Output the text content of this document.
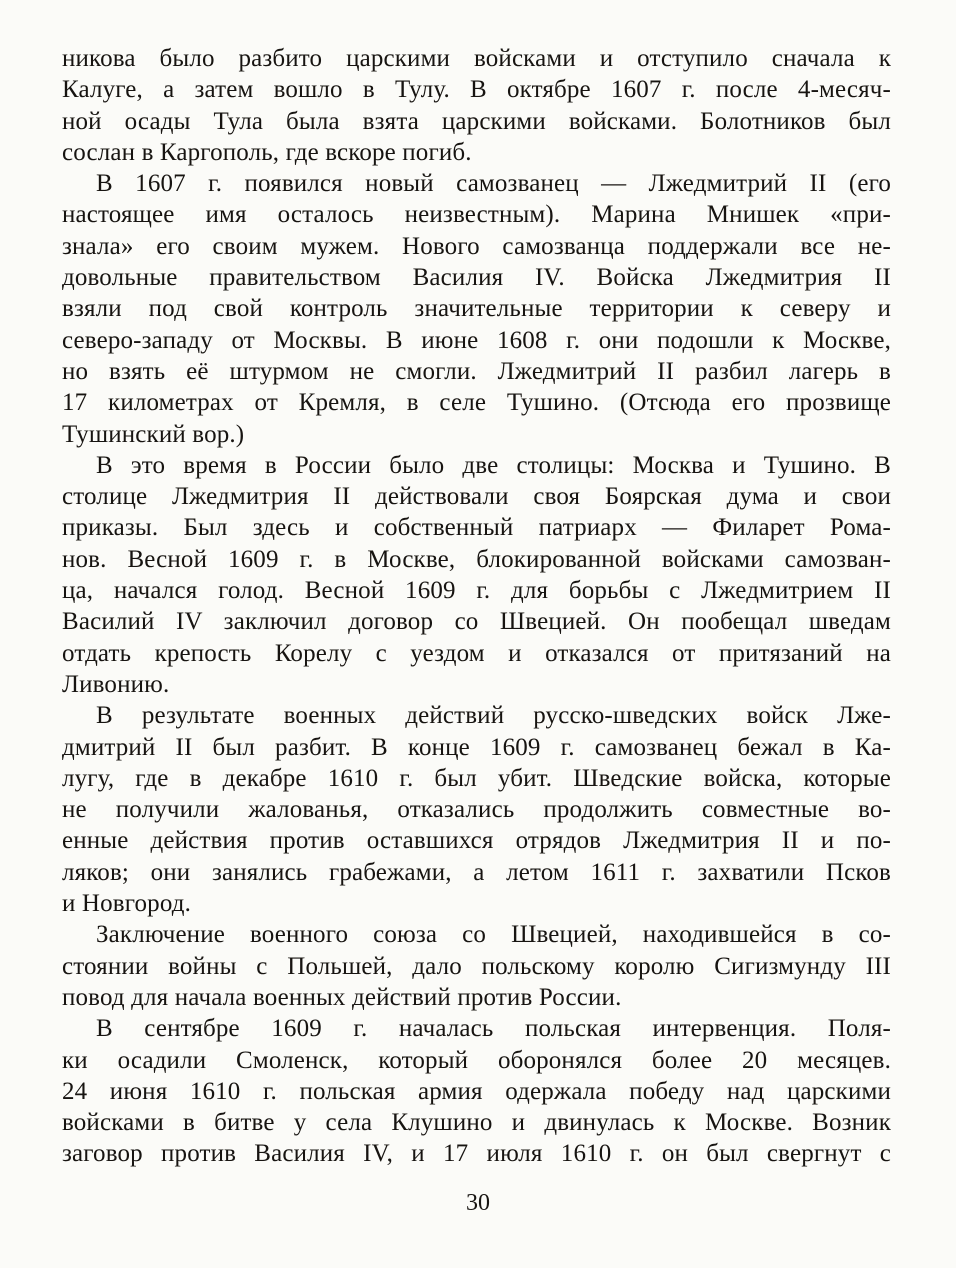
никова было разбито царскими войсками и отступило сначала к
Калуге, а затем вошло в Тулу. В октябре 1607 г. после 4-месяч-
ной осады Тула была взята царскими войсками. Болотников был
сослан в Каргополь, где вскоре погиб.
В 1607 г. появился новый самозванец — Лжедмитрий II (его
настоящее имя осталось неизвестным). Марина Мнишек «при-
знала» его своим мужем. Нового самозванца поддержали все не-
довольные правительством Василия IV. Войска Лжедмитрия II
взяли под свой контроль значительные территории к северу и
северо-западу от Москвы. В июне 1608 г. они подошли к Москве,
но взять её штурмом не смогли. Лжедмитрий II разбил лагерь в
17 километрах от Кремля, в селе Тушино. (Отсюда его прозвище
Тушинский вор.)
В это время в России было две столицы: Москва и Тушино. В
столице Лжедмитрия II действовали своя Боярская дума и свои
приказы. Был здесь и собственный патриарх — Филарет Рома-
нов. Весной 1609 г. в Москве, блокированной войсками самозван-
ца, начался голод. Весной 1609 г. для борьбы с Лжедмитрием II
Василий IV заключил договор со Швецией. Он пообещал шведам
отдать крепость Корелу с уездом и отказался от притязаний на
Ливонию.
В результате военных действий русско-шведских войск Лже-
дмитрий II был разбит. В конце 1609 г. самозванец бежал в Ка-
лугу, где в декабре 1610 г. был убит. Шведские войска, которые
не получили жалованья, отказались продолжить совместные во-
енные действия против оставшихся отрядов Лжедмитрия II и по-
ляков; они занялись грабежами, а летом 1611 г. захватили Псков
и Новгород.
Заключение военного союза со Швецией, находившейся в со-
стоянии войны с Польшей, дало польскому королю Сигизмунду III
повод для начала военных действий против России.
В сентябре 1609 г. началась польская интервенция. Поля-
ки осадили Смоленск, который оборонялся более 20 месяцев.
24 июня 1610 г. польская армия одержала победу над царскими
войсками в битве у села Клушино и двинулась к Москве. Возник
заговор против Василия IV, и 17 июля 1610 г. он был свергнут с
30
